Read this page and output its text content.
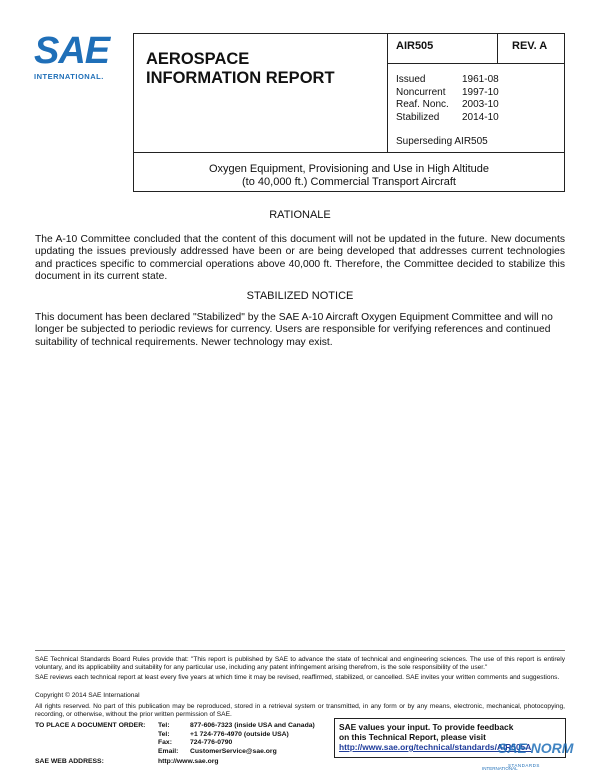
SAE
INTERNATIONAL.
AEROSPACE
INFORMATION REPORT
AIR505	REV. A
Issued	1961-08
Noncurrent	1997-10
Reaf. Nonc.	2003-10
Stabilized	2014-10
Superseding AIR505
Oxygen Equipment, Provisioning and Use in High Altitude
(to 40,000 ft.) Commercial Transport Aircraft
RATIONALE
The A-10 Committee concluded that the content of this document will not be updated in the future. New documents updating the issues previously addressed have been or are being developed that addresses current technologies and practices specific to commercial operations above 40,000 ft. Therefore, the Committee decided to stabilize this document in its current state.
STABILIZED NOTICE
This document has been declared "Stabilized" by the SAE A-10 Aircraft Oxygen Equipment Committee and will no longer be subjected to periodic reviews for currency. Users are responsible for verifying references and continued suitability of technical requirements. Newer technology may exist.
SAE Technical Standards Board Rules provide that: "This report is published by SAE to advance the state of technical and engineering sciences. The use of this report is entirely voluntary, and its applicability and suitability for any particular use, including any patent infringement arising therefrom, is the sole responsibility of the user."
SAE reviews each technical report at least every five years at which time it may be revised, reaffirmed, stabilized, or cancelled. SAE invites your written comments and suggestions.
Copyright © 2014 SAE International
All rights reserved. No part of this publication may be reproduced, stored in a retrieval system or transmitted, in any form or by any means, electronic, mechanical, photocopying, recording, or otherwise, without the prior written permission of SAE.
TO PLACE A DOCUMENT ORDER:	Tel:	877-606-7323 (inside USA and Canada)
Tel:	+1 724-776-4970 (outside USA)
Fax:	724-776-0790
Email:	CustomerService@sae.org
SAE WEB ADDRESS:	http://www.sae.org
SAE values your input. To provide feedback
on this Technical Report, please visit
http://www.sae.org/technical/standards/AIR505A
SAE NORM
INTERNATIONAL
STANDARDS
